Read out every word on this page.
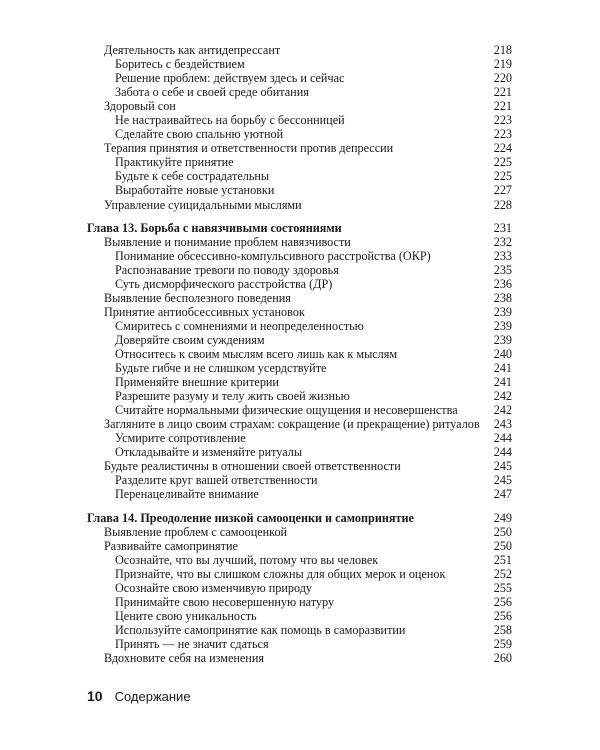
Деятельность как антидепрессант	218
Боритесь с бездействием	219
Решение проблем: действуем здесь и сейчас	220
Забота о себе и своей среде обитания	221
Здоровый сон	221
Не настраивайтесь на борьбу с бессонницей	223
Сделайте свою спальню уютной	223
Терапия принятия и ответственности против депрессии	224
Практикуйте принятие	225
Будьте к себе сострадательны	225
Выработайте новые установки	227
Управление суицидальными мыслями	228
Глава 13. Борьба с навязчивыми состояниями	231
Выявление и понимание проблем навязчивости	232
Понимание обсессивно-компульсивного расстройства (ОКР)	233
Распознавание тревоги по поводу здоровья	235
Суть дисморфического расстройства (ДР)	236
Выявление бесполезного поведения	238
Принятие антиобсессивных установок	239
Смиритесь с сомнениями и неопределенностью	239
Доверяйте своим суждениям	239
Относитесь к своим мыслям всего лишь как к мыслям	240
Будьте гибче и не слишком усердствуйте	241
Применяйте внешние критерии	241
Разрешите разуму и телу жить своей жизнью	242
Считайте нормальными физические ощущения и несовершенства	242
Загляните в лицо своим страхам: сокращение (и прекращение) ритуалов	243
Усмирите сопротивление	244
Откладывайте и изменяйте ритуалы	244
Будьте реалистичны в отношении своей ответственности	245
Разделите круг вашей ответственности	245
Перенацеливайте внимание	247
Глава 14. Преодоление низкой самооценки и самопринятие	249
Выявление проблем с самооценкой	250
Развивайте самопринятие	250
Осознайте, что вы лучший, потому что вы человек	251
Признайте, что вы слишком сложны для общих мерок и оценок	252
Осознайте свою изменчивую природу	255
Принимайте свою несовершенную натуру	256
Цените свою уникальность	256
Используйте самопринятие как помощь в саморазвитии	258
Принять — не значит сдаться	259
Вдохновите себя на изменения	260
10 Содержание
